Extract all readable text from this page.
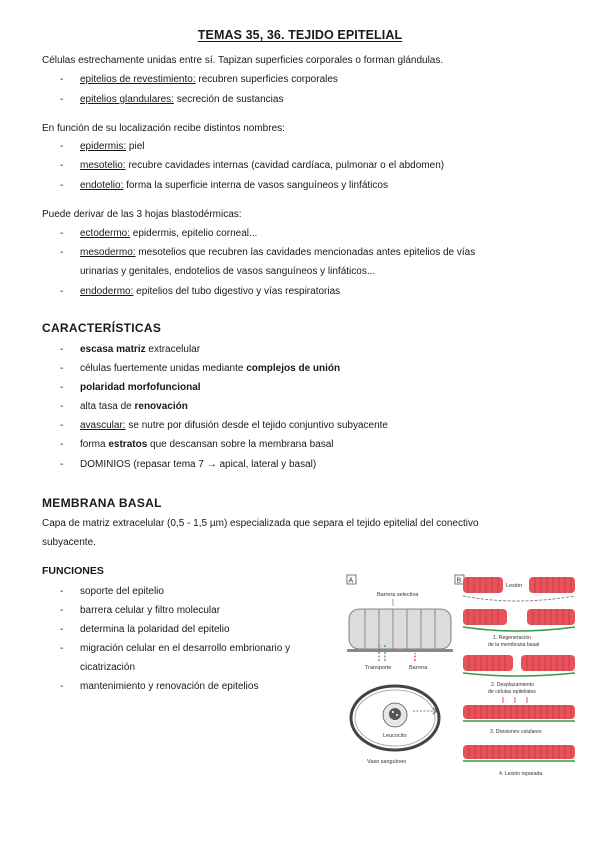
TEMAS 35, 36. TEJIDO EPITELIAL

Células estrechamente unidas entre sí. Tapizan superficies corporales o forman glándulas.

- epitelios de revestimiento: recubren superficies corporales
- epitelios glandulares: secreción de sustancias

En función de su localización recibe distintos nombres:

- epidermis: piel
- mesotelio: recubre cavidades internas (cavidad cardíaca, pulmonar o el abdomen)
- endotelio: forma la superficie interna de vasos sanguíneos y linfáticos

Puede derivar de las 3 hojas blastodérmicas:

- ectodermo: epidermis, epitelio corneal...
- mesodermo: mesotelios que recubren las cavidades mencionadas antes epitelios de vías
urinarias y genitales, endotelios de vasos sanguíneos y linfáticos...
- endodermo: epitelios del tubo digestivo y vías respiratorias
CARACTERÍSTICAS
- escasa matriz extracelular
- células fuertemente unidas mediante complejos de unión
- polaridad morfofuncional
- alta tasa de renovación
- avascular: se nutre por difusión desde el tejido conjuntivo subyacente
- forma estratos que descansan sobre la membrana basal
- DOMINIOS (repasar tema 7 → apical, lateral y basal)
MEMBRANA BASAL

Capa de matriz extracelular (0,5 - 1,5 µm) especializada que separa el tejido epitelial del conectivo

subyacente.

FUNCIONES
- soporte del epitelio
- barrera celular y filtro molecular
- determina la polaridad del epitelio
- migración celular en el desarrollo embrionario y
cicatrización
- mantenimiento y renovación de epitelios
A
Barrera selectiva
Transporte	Barrera
Leucocito
Vaso sanguíneo
B
Lesión
1. Regeneración
de la membrana basal
2. Desplazamiento
de células epiteliales
3. Divisiones celulares
4. Lesión reparada
